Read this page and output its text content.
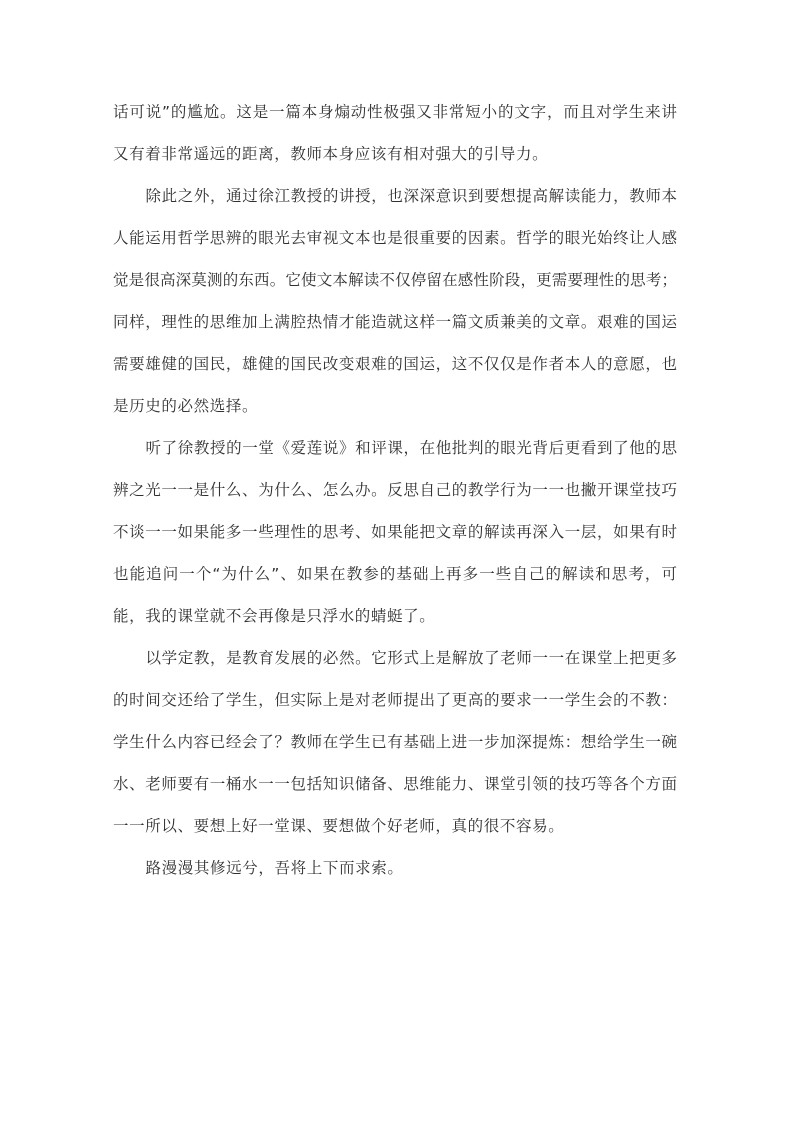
话可说”的尴尬。这是一篇本身煽动性极强又非常短小的文字，而且对学生来讲
又有着非常遥远的距离，教师本身应该有相对强大的引导力。
除此之外，通过徐江教授的讲授，也深深意识到要想提高解读能力，教师本
人能运用哲学思辨的眼光去审视文本也是很重要的因素。哲学的眼光始终让人感
觉是很高深莫测的东西。它使文本解读不仅停留在感性阶段，更需要理性的思考；
同样，理性的思维加上满腔热情才能造就这样一篇文质兼美的文章。艰难的国运
需要雄健的国民，雄健的国民改变艰难的国运，这不仅仅是作者本人的意愿，也
是历史的必然选择。
听了徐教授的一堂《爱莲说》和评课，在他批判的眼光背后更看到了他的思
辨之光一一是什么、为什么、怎么办。反思自己的教学行为一一也撇开课堂技巧
不谈一一如果能多一些理性的思考、如果能把文章的解读再深入一层，如果有时
也能追问一个“为什么”、如果在教参的基础上再多一些自己的解读和思考，可
能，我的课堂就不会再像是只浮水的蜻蜓了。
以学定教，是教育发展的必然。它形式上是解放了老师一一在课堂上把更多
的时间交还给了学生，但实际上是对老师提出了更高的要求一一学生会的不教：
学生什么内容已经会了？教师在学生已有基础上进一步加深提炼：想给学生一碗
水、老师要有一桶水一一包括知识储备、思维能力、课堂引领的技巧等各个方面
一一所以、要想上好一堂课、要想做个好老师，真的很不容易。
路漫漫其修远兮，吾将上下而求索。
